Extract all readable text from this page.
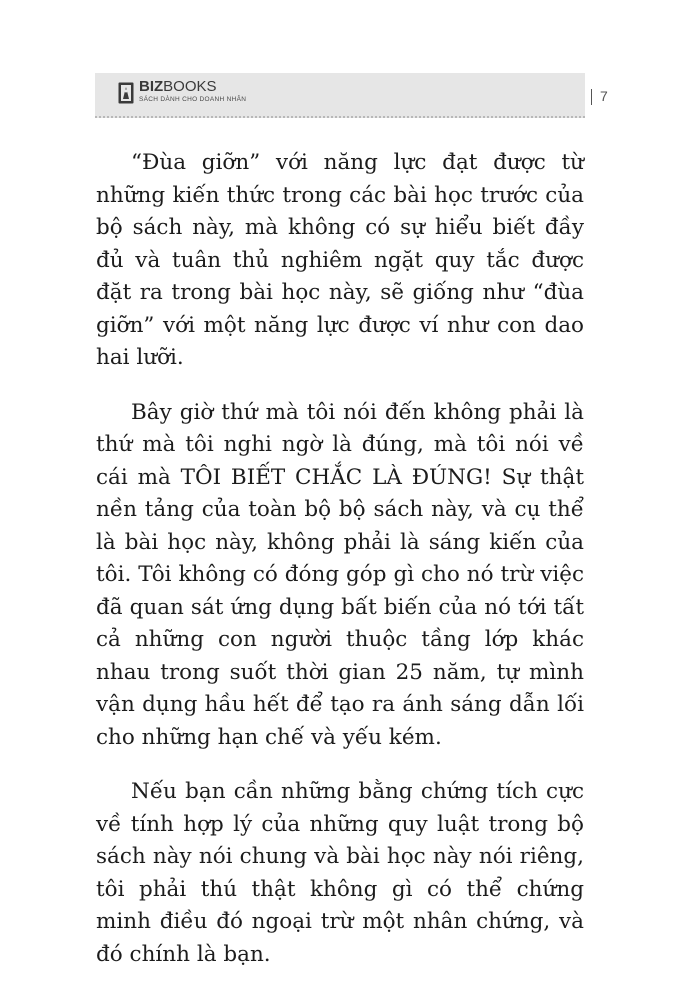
BIZBOOKS
SÁCH DÀNH CHO DOANH NHÂN	7

“Đùa giỡn” với năng lực đạt được từ những kiến thức trong các bài học trước của bộ sách này, mà không có sự hiểu biết đầy đủ và tuân thủ nghiêm ngặt quy tắc được đặt ra trong bài học này, sẽ giống như “đùa giỡn” với một năng lực được ví như con dao hai lưỡi.

Bây giờ thứ mà tôi nói đến không phải là thứ mà tôi nghi ngờ là đúng, mà tôi nói về cái mà TÔI BIẾT CHẮC LÀ ĐÚNG! Sự thật nền tảng của toàn bộ bộ sách này, và cụ thể là bài học này, không phải là sáng kiến của tôi. Tôi không có đóng góp gì cho nó trừ việc đã quan sát ứng dụng bất biến của nó tới tất cả những con người thuộc tầng lớp khác nhau trong suốt thời gian 25 năm, tự mình vận dụng hầu hết để tạo ra ánh sáng dẫn lối cho những hạn chế và yếu kém.

Nếu bạn cần những bằng chứng tích cực về tính hợp lý của những quy luật trong bộ sách này nói chung và bài học này nói riêng, tôi phải thú thật không gì có thể chứng minh điều đó ngoại trừ một nhân chứng, và đó chính là bạn.
